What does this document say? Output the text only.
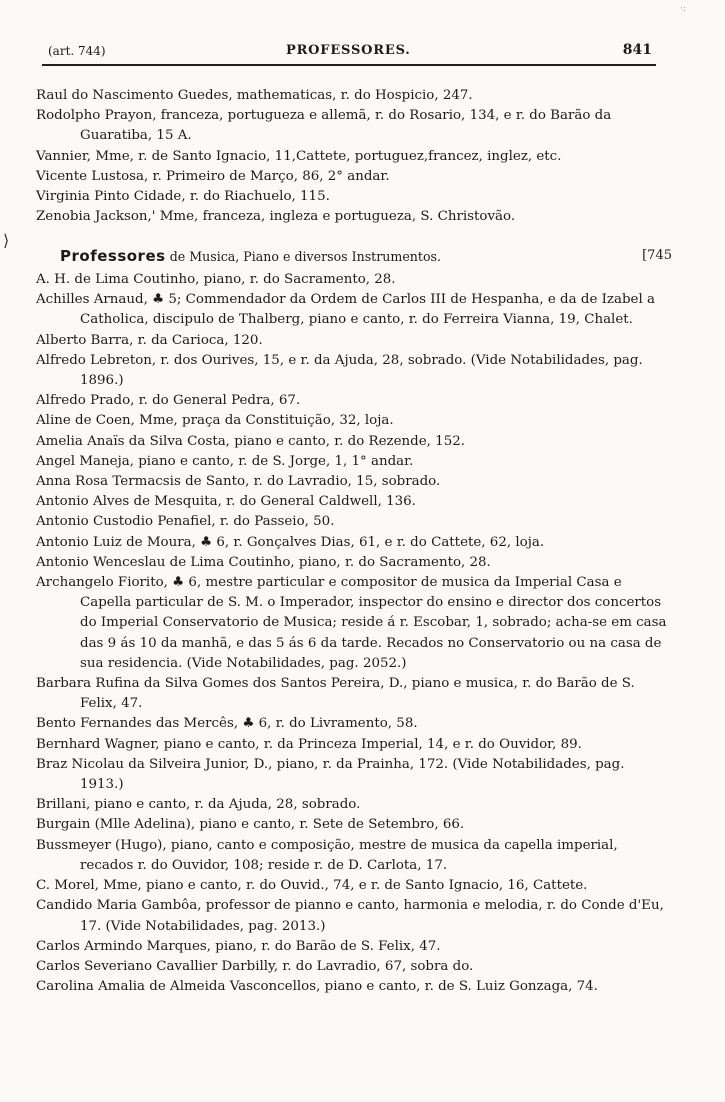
·:
(art. 744)	PROFESSORES.	841
Raul do Nascimento Guedes, mathematicas, r. do Hospicio, 247.
Rodolpho Prayon, franceza, portugueza e allemã, r. do Rosario, 134, e r. do Barão da Guaratiba, 15 A.
Vannier, Mme, r. de Santo Ignacio, 11,Cattete, portuguez,francez, inglez, etc.
Vicente Lustosa, r. Primeiro de Março, 86, 2° andar.
Virginia Pinto Cidade, r. do Riachuelo, 115.
Zenobia Jackson,' Mme, franceza, ingleza e portugueza, S. Christovão.
⟩
Professores de Musica, Piano e diversos Instrumentos.	[745
A. H. de Lima Coutinho, piano, r. do Sacramento, 28.
Achilles Arnaud, ♣ 5; Commendador da Ordem de Carlos III de Hespanha, e da de Izabel a Catholica, discipulo de Thalberg, piano e canto, r. do Ferreira Vianna, 19, Chalet.
Alberto Barra, r. da Carioca, 120.
Alfredo Lebreton, r. dos Ourives, 15, e r. da Ajuda, 28, sobrado. (Vide Notabilidades, pag. 1896.)
Alfredo Prado, r. do General Pedra, 67.
Aline de Coen, Mme, praça da Constituição, 32, loja.
Amelia Anaïs da Silva Costa, piano e canto, r. do Rezende, 152.
Angel Maneja, piano e canto, r. de S. Jorge, 1, 1° andar.
Anna Rosa Termacsis de Santo, r. do Lavradio, 15, sobrado.
Antonio Alves de Mesquita, r. do General Caldwell, 136.
Antonio Custodio Penafiel, r. do Passeio, 50.
Antonio Luiz de Moura, ♣ 6, r. Gonçalves Dias, 61, e r. do Cattete, 62, loja.
Antonio Wenceslau de Lima Coutinho, piano, r. do Sacramento, 28.
Archangelo Fiorito, ♣ 6, mestre particular e compositor de musica da Imperial Casa e Capella particular de S. M. o Imperador, inspector do ensino e director dos concertos do Imperial Conservatorio de Musica; reside á r. Escobar, 1, sobrado; acha-se em casa das 9 ás 10 da manhã, e das 5 ás 6 da tarde. Recados no Conservatorio ou na casa de sua residencia. (Vide Notabilidades, pag. 2052.)
Barbara Rufina da Silva Gomes dos Santos Pereira, D., piano e musica, r. do Barão de S. Felix, 47.
Bento Fernandes das Mercês, ♣ 6, r. do Livramento, 58.
Bernhard Wagner, piano e canto, r. da Princeza Imperial, 14, e r. do Ouvidor, 89.
Braz Nicolau da Silveira Junior, D., piano, r. da Prainha, 172. (Vide Notabilidades, pag. 1913.)
Brillani, piano e canto, r. da Ajuda, 28, sobrado.
Burgain (Mlle Adelina), piano e canto, r. Sete de Setembro, 66.
Bussmeyer (Hugo), piano, canto e composição, mestre de musica da capella imperial, recados r. do Ouvidor, 108; reside r. de D. Carlota, 17.
C. Morel, Mme, piano e canto, r. do Ouvid., 74, e r. de Santo Ignacio, 16, Cattete.
Candido Maria Gambôa, professor de pianno e canto, harmonia e melodia, r. do Conde d'Eu, 17. (Vide Notabilidades, pag. 2013.)
Carlos Armindo Marques, piano, r. do Barão de S. Felix, 47.
Carlos Severiano Cavallier Darbilly, r. do Lavradio, 67, sobra do.
Carolina Amalia de Almeida Vasconcellos, piano e canto, r. de S. Luiz Gonzaga, 74.
